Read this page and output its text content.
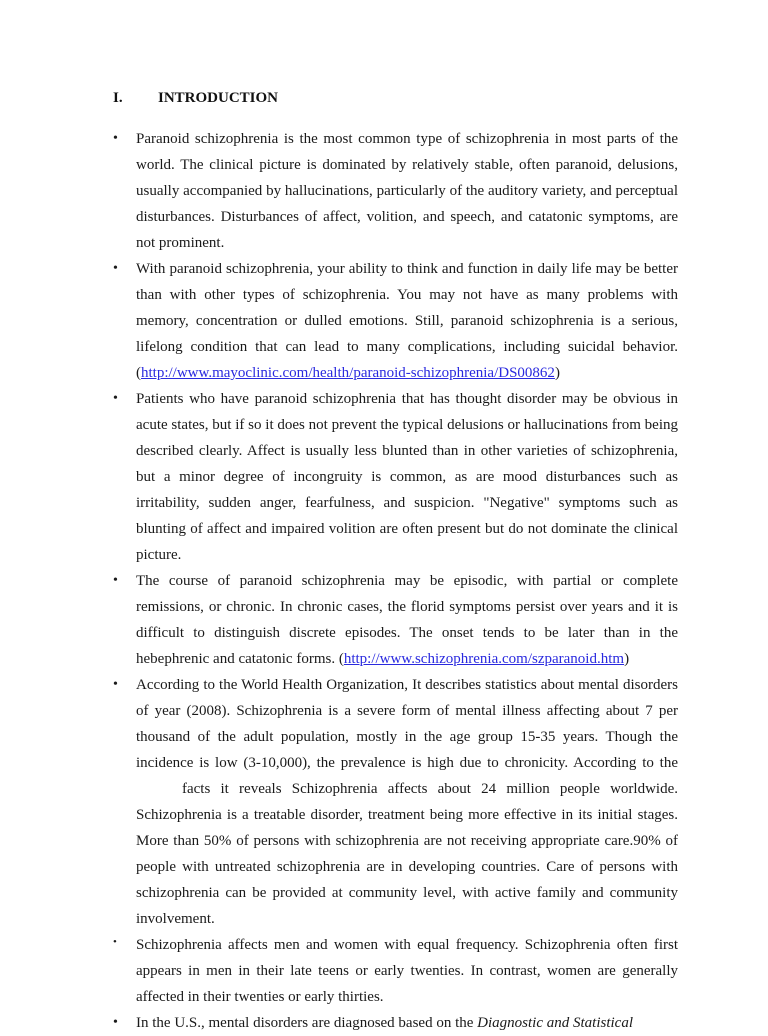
I.	INTRODUCTION
•	Paranoid schizophrenia is the most common type of schizophrenia in most parts of the world. The clinical picture is dominated by relatively stable, often paranoid, delusions, usually accompanied by hallucinations, particularly of the auditory variety, and perceptual disturbances. Disturbances of affect, volition, and speech, and catatonic symptoms, are not prominent.
•	With paranoid schizophrenia, your ability to think and function in daily life may be better than with other types of schizophrenia. You may not have as many problems with memory, concentration or dulled emotions. Still, paranoid schizophrenia is a serious, lifelong condition that can lead to many complications, including suicidal behavior. (http://www.mayoclinic.com/health/paranoid-schizophrenia/DS00862)
•	Patients who have paranoid schizophrenia that has thought disorder may be obvious in acute states, but if so it does not prevent the typical delusions or hallucinations from being described clearly. Affect is usually less blunted than in other varieties of schizophrenia, but a minor degree of incongruity is common, as are mood disturbances such as irritability, sudden anger, fearfulness, and suspicion. "Negative" symptoms such as blunting of affect and impaired volition are often present but do not dominate the clinical picture.
•	The course of paranoid schizophrenia may be episodic, with partial or complete remissions, or chronic. In chronic cases, the florid symptoms persist over years and it is difficult to distinguish discrete episodes. The onset tends to be later than in the hebephrenic and catatonic forms. (http://www.schizophrenia.com/szparanoid.htm)
•	According to the World Health Organization, It describes statistics about mental disorders of year (2008). Schizophrenia is a severe form of mental illness affecting about 7 per thousand of the adult population, mostly in the age group 15-35 years. Though the incidence is low (3-10,000), the prevalence is high due to chronicity. According to the
facts it reveals Schizophrenia affects about 24 million people worldwide.
Schizophrenia is a treatable disorder, treatment being more effective in its initial stages. More than 50% of persons with schizophrenia are not receiving appropriate care.90% of people with untreated schizophrenia are in developing countries. Care of persons with schizophrenia can be provided at community level, with active family and community involvement.
•	Schizophrenia affects men and women with equal frequency. Schizophrenia often first appears in men in their late teens or early twenties. In contrast, women are generally affected in their twenties or early thirties.
•	In the U.S., mental disorders are diagnosed based on the Diagnostic and Statistical
